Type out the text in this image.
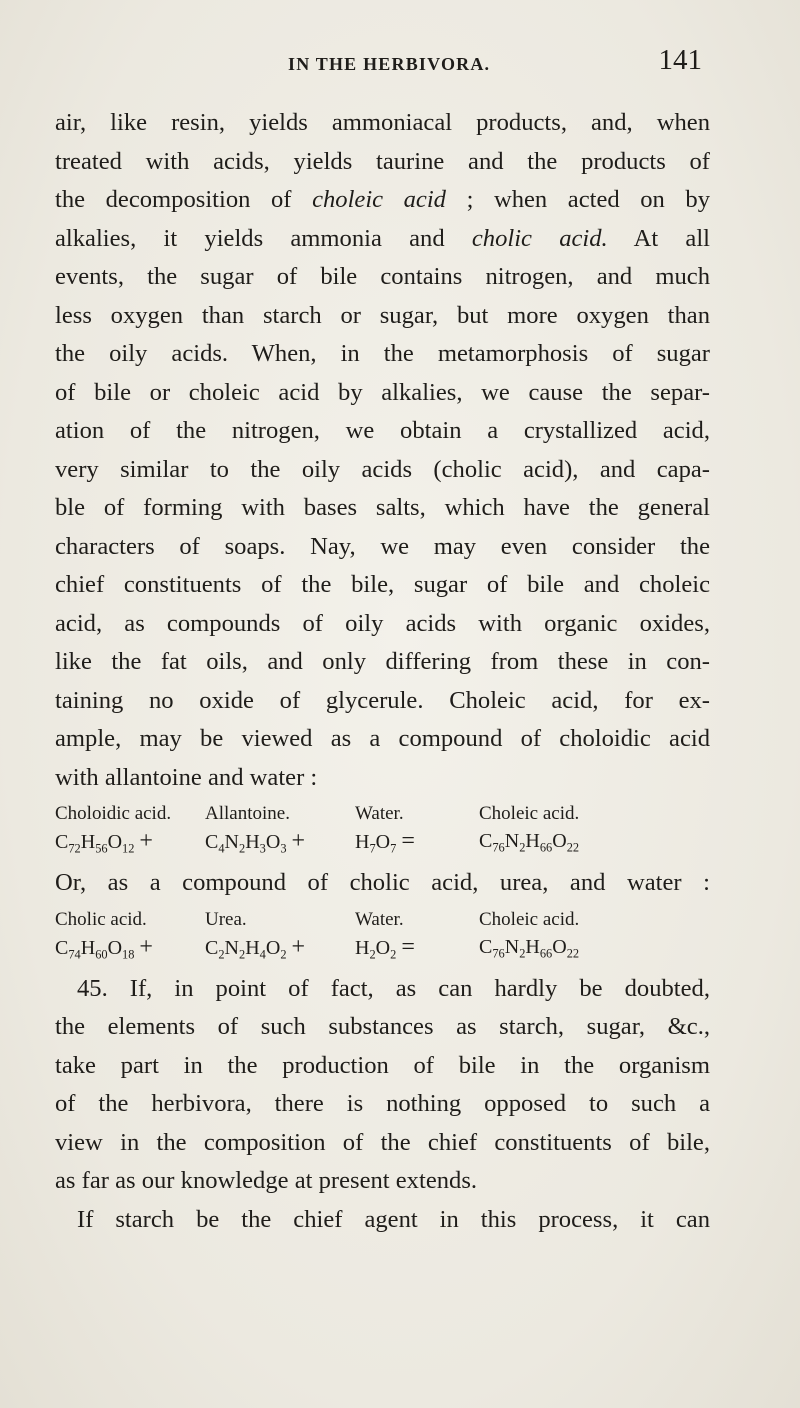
IN THE HERBIVORA.	141

air, like resin, yields ammoniacal products, and, when
treated with acids, yields taurine and the products of
the decomposition of choleic acid ; when acted on by
alkalies, it yields ammonia and cholic acid. At all
events, the sugar of bile contains nitrogen, and much
less oxygen than starch or sugar, but more oxygen than
the oily acids. When, in the metamorphosis of sugar
of bile or choleic acid by alkalies, we cause the separ-
ation of the nitrogen, we obtain a crystallized acid,
very similar to the oily acids (cholic acid), and capa-
ble of forming with bases salts, which have the general
characters of soaps. Nay, we may even consider the
chief constituents of the bile, sugar of bile and choleic
acid, as compounds of oily acids with organic oxides,
like the fat oils, and only differing from these in con-
taining no oxide of glycerule. Choleic acid, for ex-
ample, may be viewed as a compound of choloidic acid
with allantoine and water :

Choloidic acid.	Allantoine.	Water.	Choleic acid.
$C_{72}H_{56}O_{12}$ +	$C_4N_2H_3O_3$ +	$H_7O_7$ =	$C_{76}N_2H_{66}O_{22}$

Or, as a compound of cholic acid, urea, and water :

Cholic acid.	Urea.	Water.	Choleic acid.
$C_{74}H_{60}O_{18}$ +	$C_2N_2H_4O_2$ +	$H_2O_2$ =	$C_{76}N_2H_{66}O_{22}$

45. If, in point of fact, as can hardly be doubted,
the elements of such substances as starch, sugar, &c.,
take part in the production of bile in the organism
of the herbivora, there is nothing opposed to such a
view in the composition of the chief constituents of bile,
as far as our knowledge at present extends.

If starch be the chief agent in this process, it can
